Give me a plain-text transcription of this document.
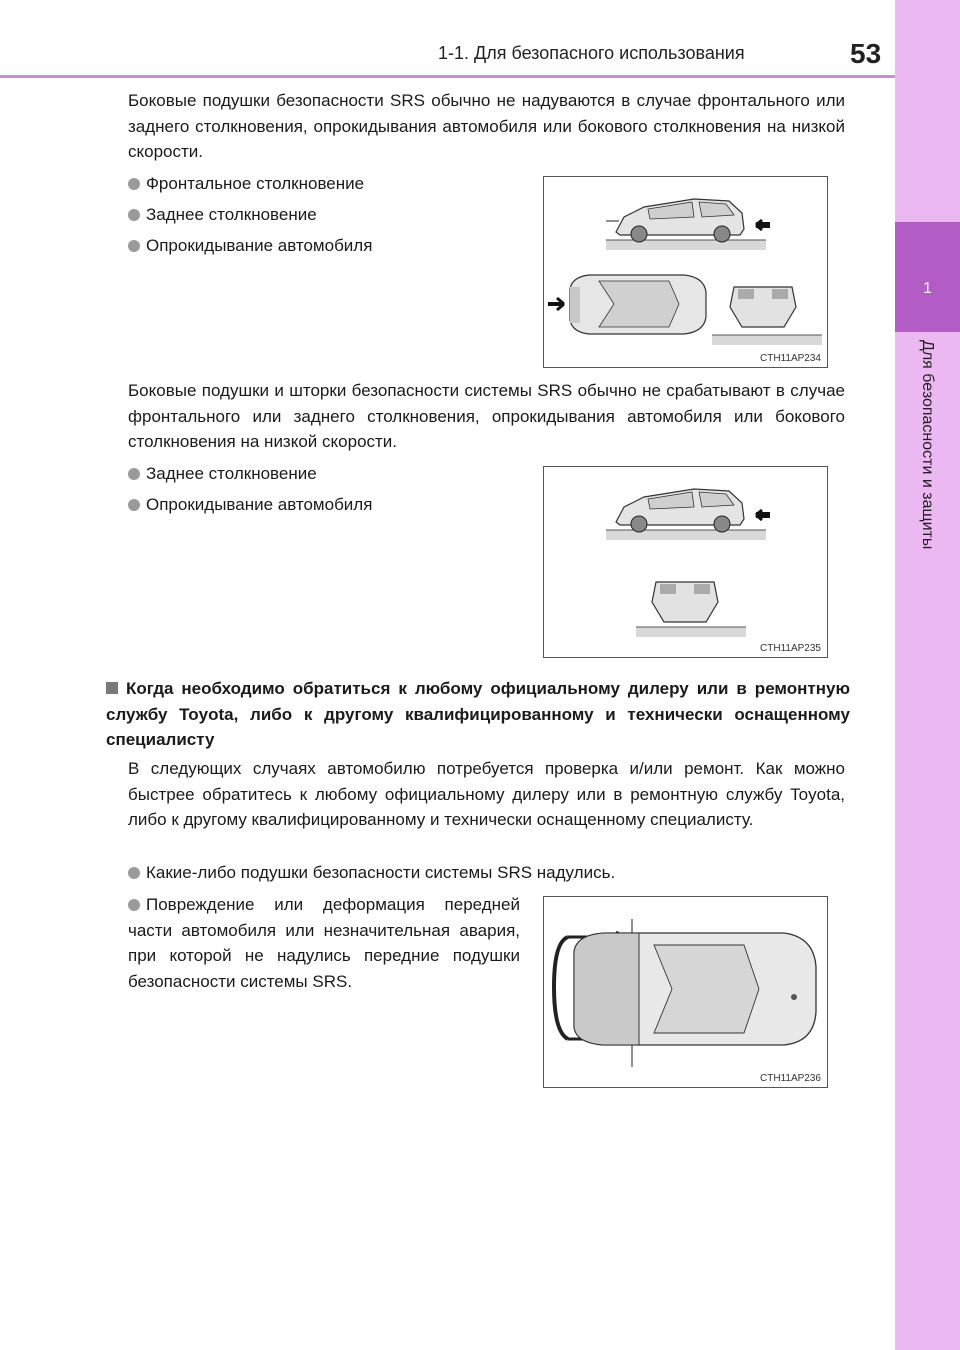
1-1. Для безопасного использования	53
1
Для безопасности и защиты
Боковые подушки безопасности SRS обычно не надуваются в случае фронтального или заднего столкновения, опрокидывания автомобиля или бокового столкновения на низкой скорости.
Фронтальное столкновение
Заднее столкновение
Опрокидывание автомобиля
CTH11AP234
Боковые подушки и шторки безопасности системы SRS обычно не срабатывают в случае фронтального или заднего столкновения, опрокидывания автомобиля или бокового столкновения на низкой скорости.
Заднее столкновение
Опрокидывание автомобиля
CTH11AP235
Когда необходимо обратиться к любому официальному дилеру или в ремонтную службу Toyota, либо к другому квалифицированному и технически оснащенному специалисту
В следующих случаях автомобилю потребуется проверка и/или ремонт. Как можно быстрее обратитесь к любому официальному дилеру или в ремонтную службу Toyota, либо к другому квалифицированному и технически оснащенному специалисту.
Какие-либо подушки безопасности системы SRS надулись.
Повреждение или деформация передней части автомобиля или незначительная авария, при которой не надулись передние подушки безопасности системы SRS.
CTH11AP236
